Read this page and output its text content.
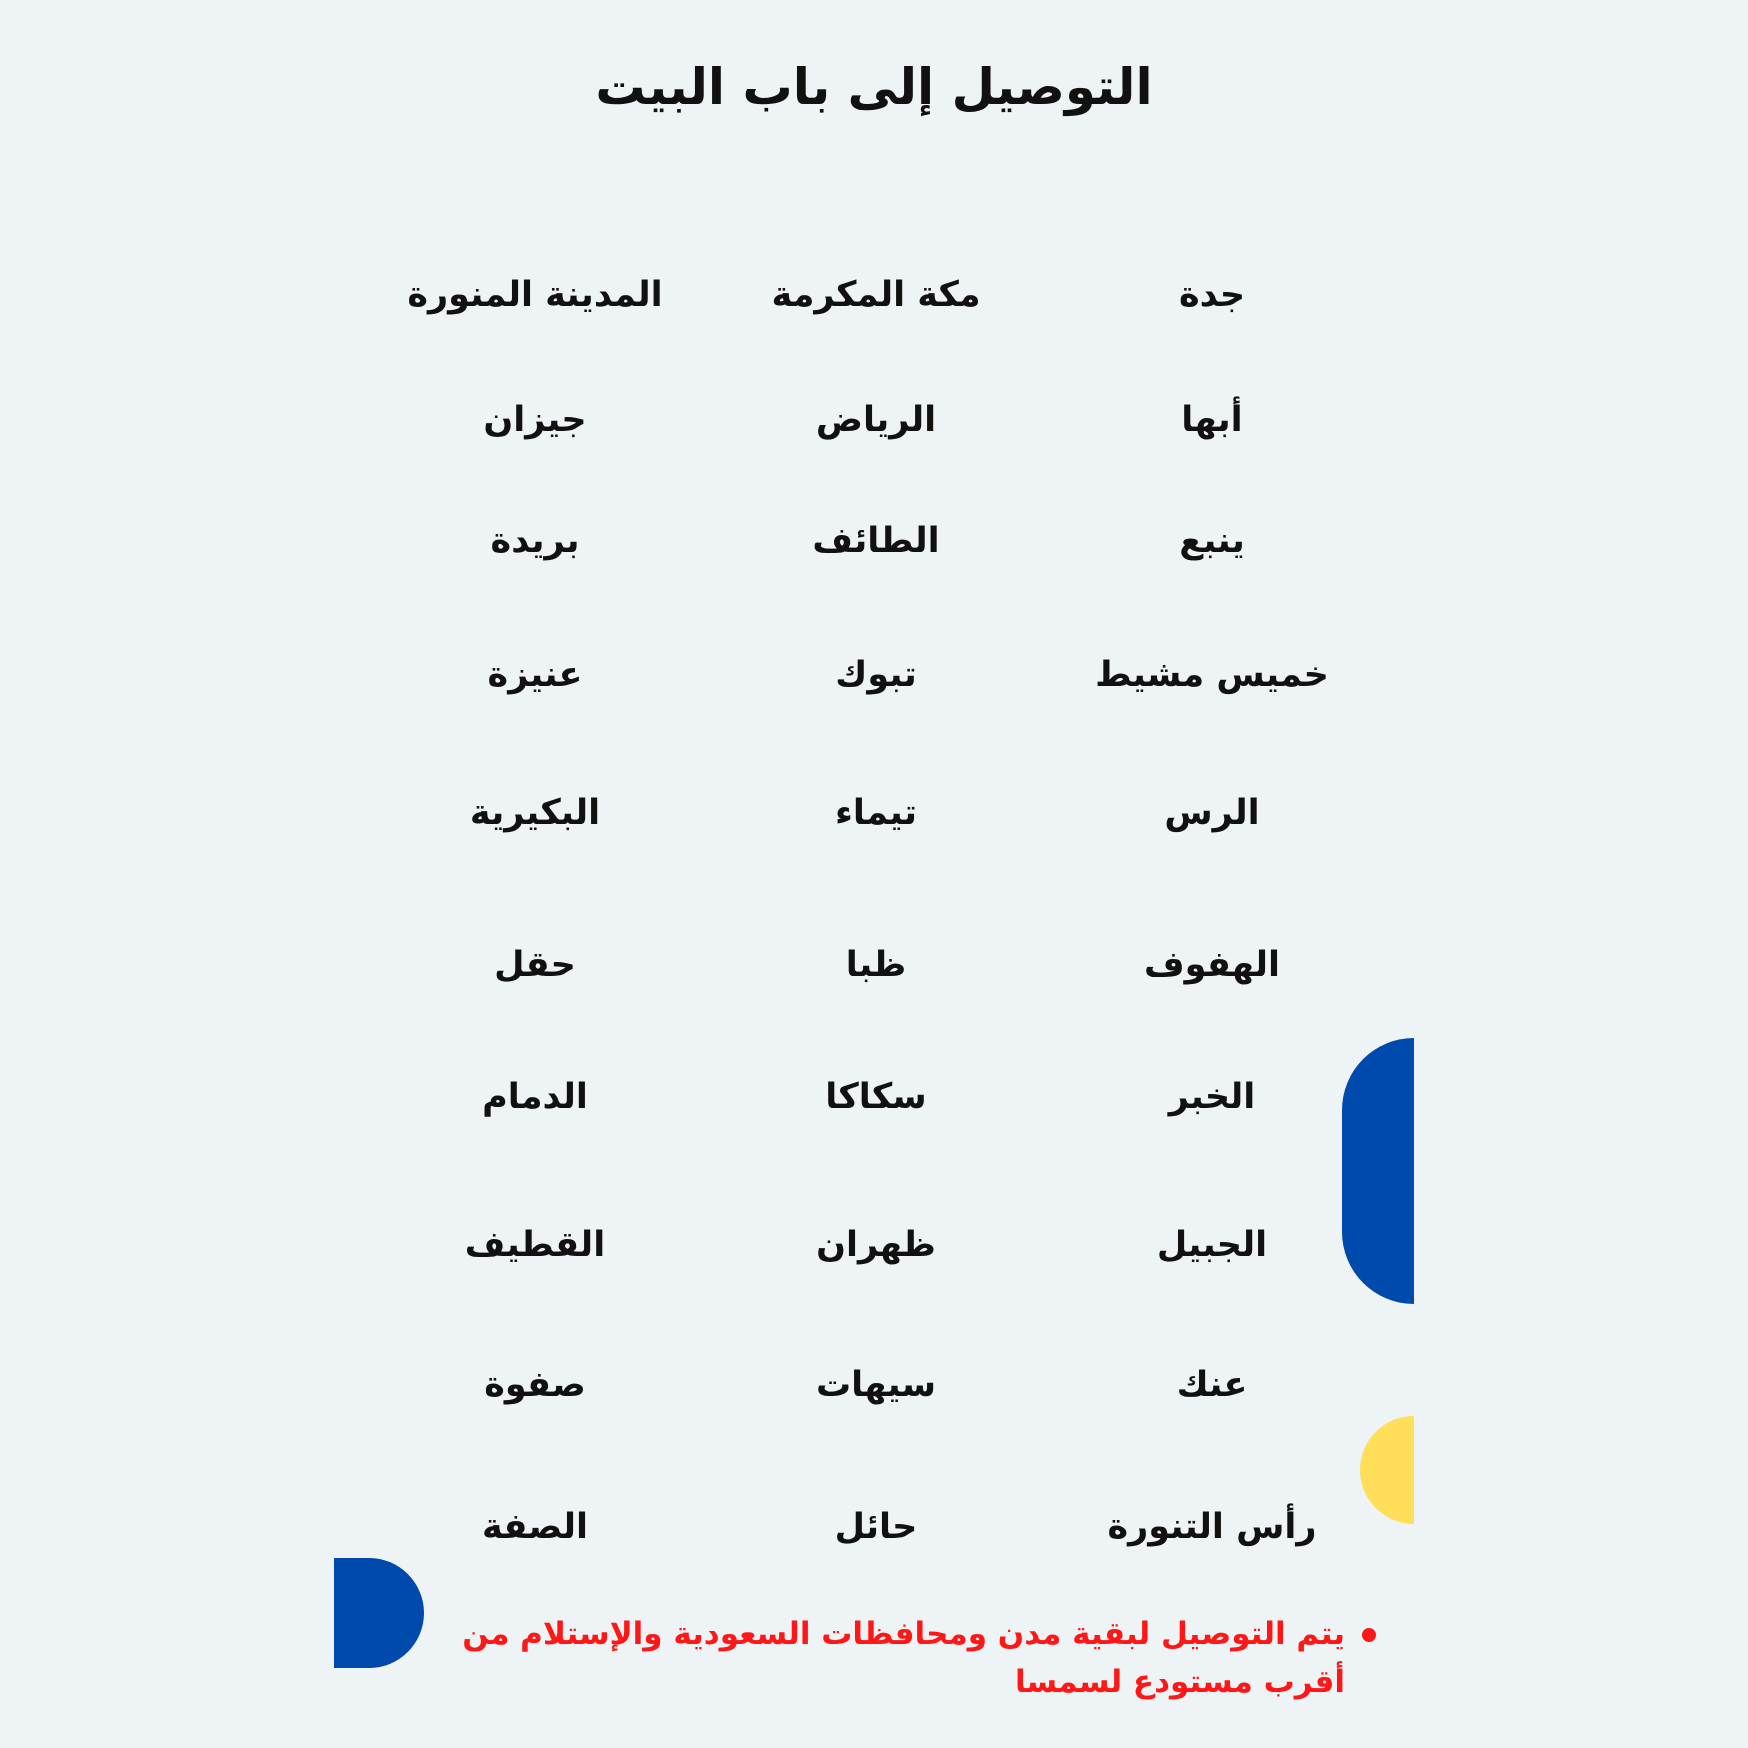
التوصيل إلى باب البيت
جدة
مكة المكرمة
المدينة المنورة
أبها
الرياض
جيزان
ينبع
الطائف
بريدة
خميس مشيط
تبوك
عنيزة
الرس
تيماء
البكيرية
الهفوف
ظبا
حقل
الخبر
سكاكا
الدمام
الجبيل
ظهران
القطيف
عنك
سيهات
صفوة
رأس التنورة
حائل
الصفة
يتم التوصيل لبقية مدن ومحافظات السعودية والإستلام من أقرب مستودع لسمسا
